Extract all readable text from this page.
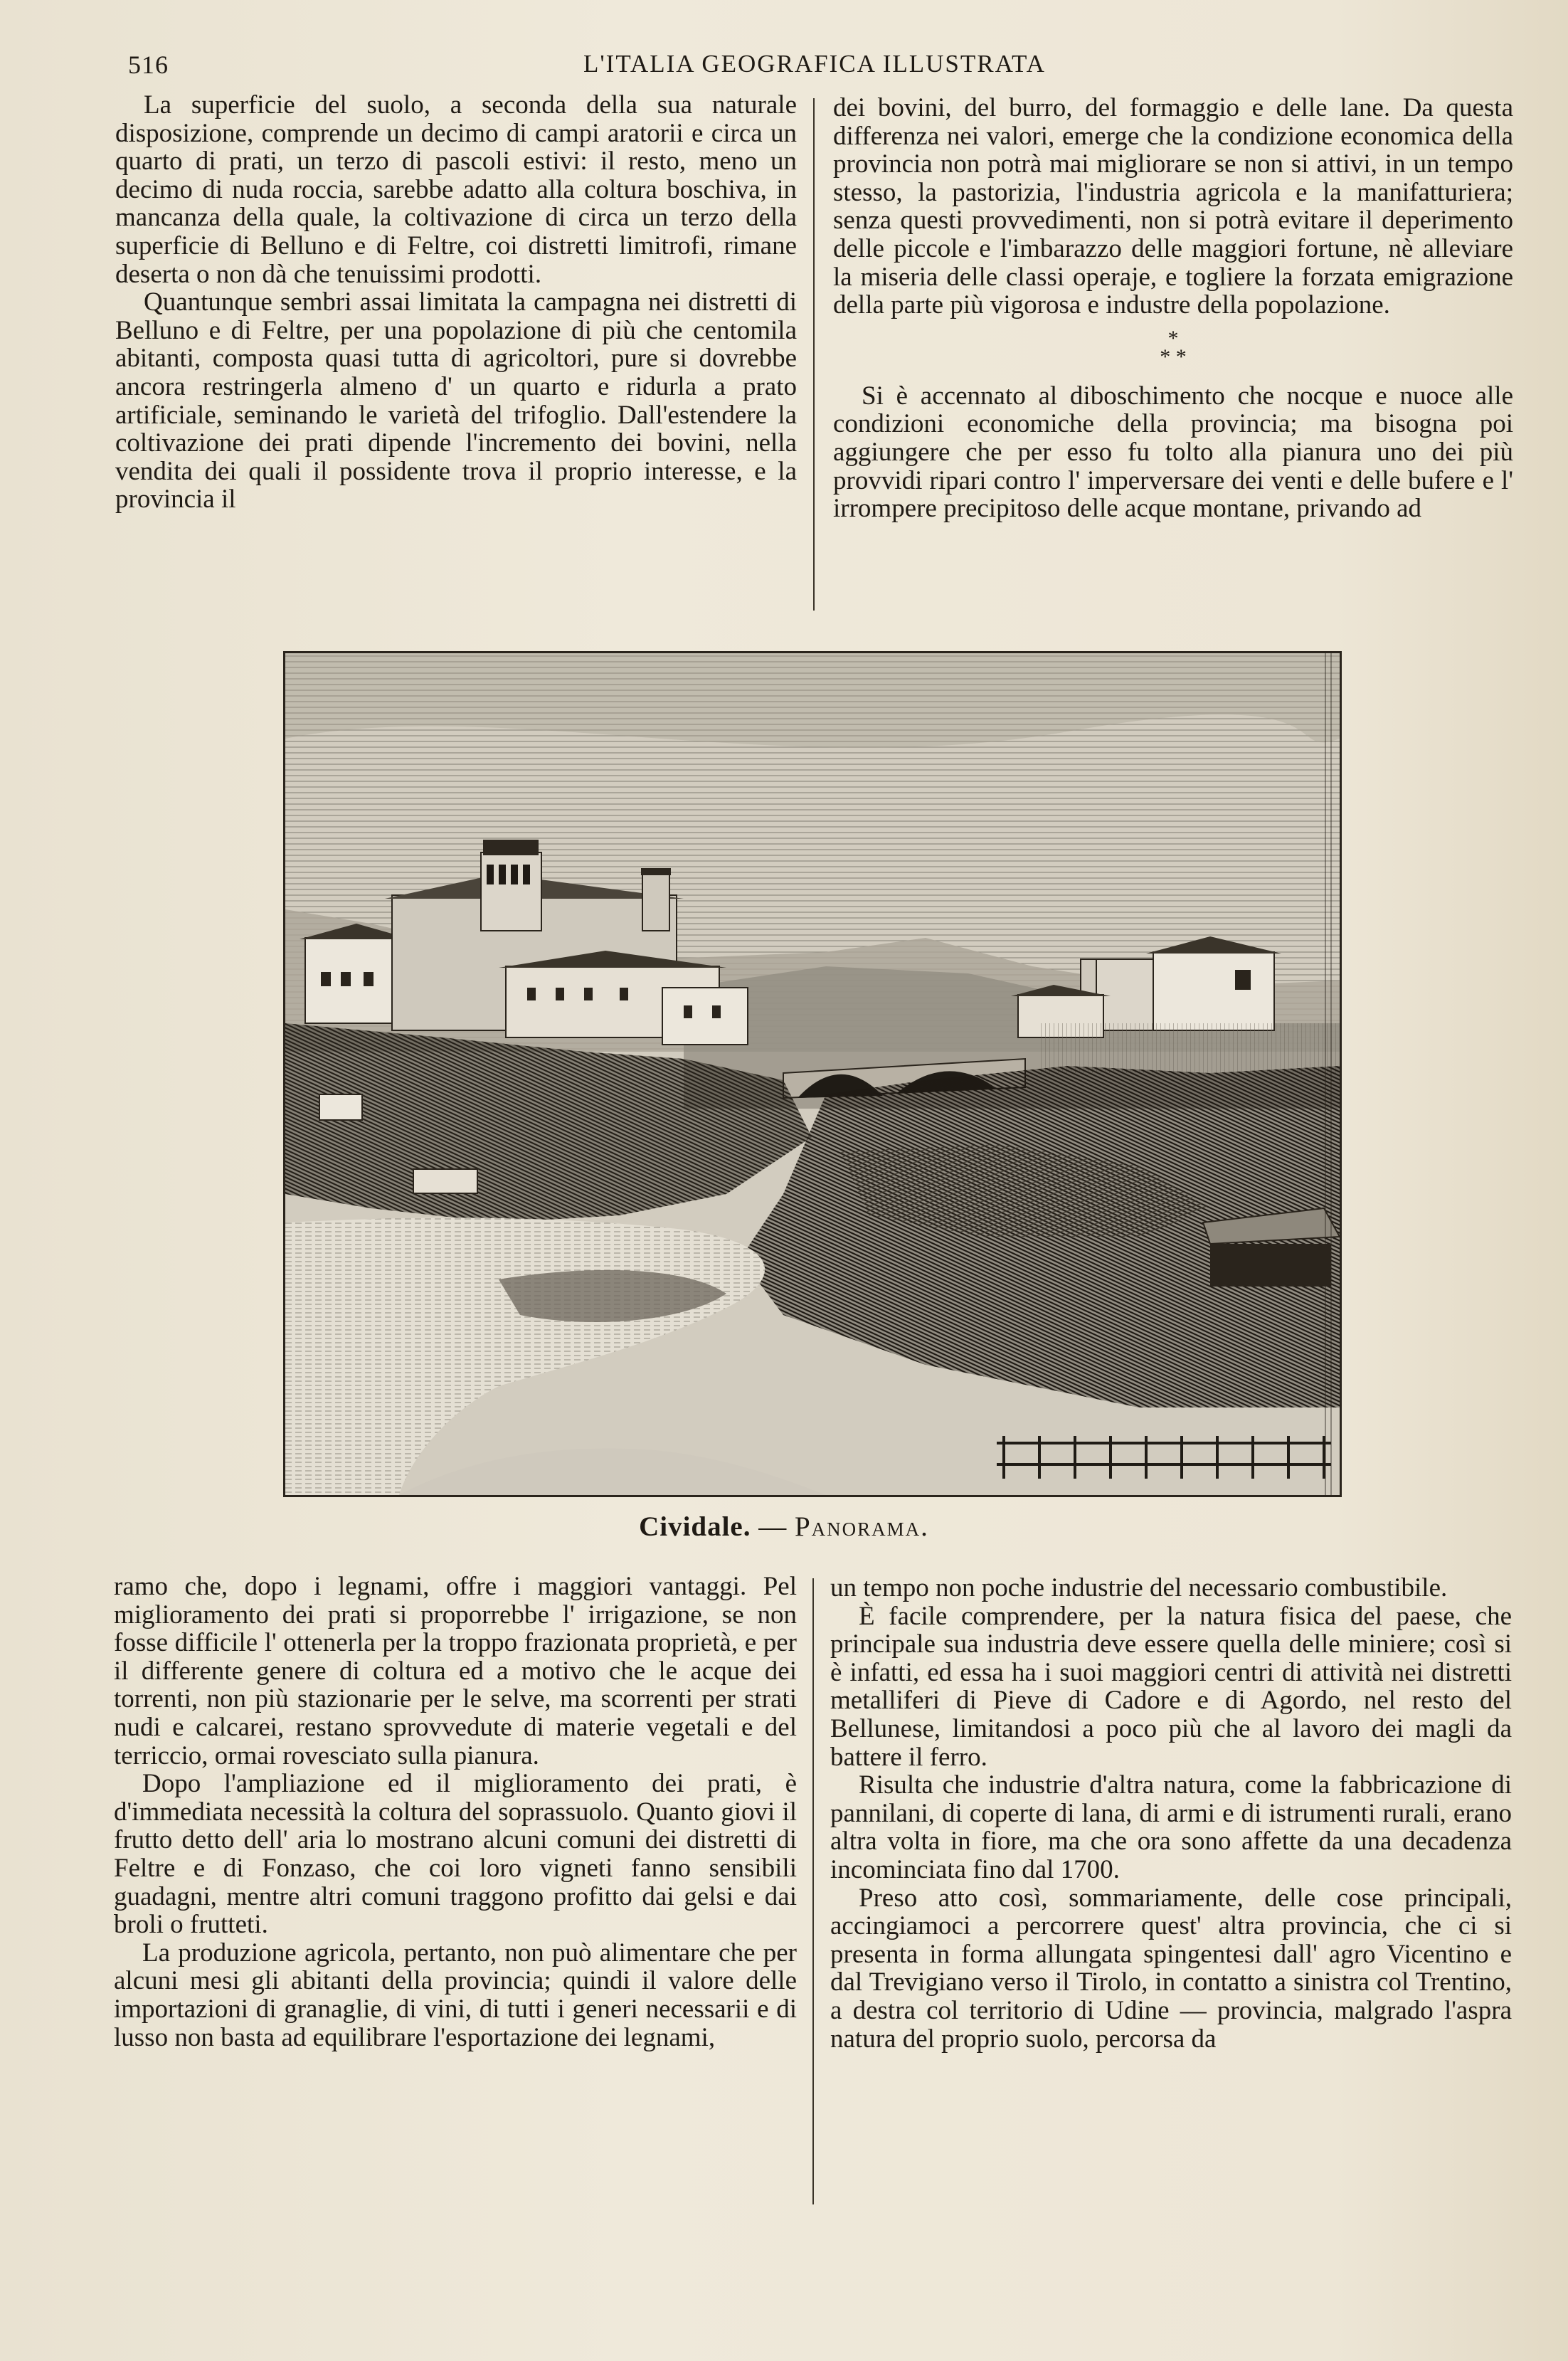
516	L'ITALIA GEOGRAFICA ILLUSTRATA

La superficie del suolo, a seconda della sua naturale disposizione, comprende un decimo di campi aratorii e circa un quarto di prati, un terzo di pascoli estivi: il resto, meno un decimo di nuda roccia, sarebbe adatto alla coltura boschiva, in mancanza della quale, la coltivazione di circa un terzo della superficie di Belluno e di Feltre, coi distretti limitrofi, rimane deserta o non dà che tenuissimi prodotti.

Quantunque sembri assai limitata la campagna nei distretti di Belluno e di Feltre, per una popolazione di più che centomila abitanti, composta quasi tutta di agricoltori, pure si dovrebbe ancora restringerla almeno d' un quarto e ridurla a prato artificiale, seminando le varietà del trifoglio. Dall'estendere la coltivazione dei prati dipende l'incremento dei bovini, nella vendita dei quali il possidente trova il proprio interesse, e la provincia il

dei bovini, del burro, del formaggio e delle lane. Da questa differenza nei valori, emerge che la condizione economica della provincia non potrà mai migliorare se non si attivi, in un tempo stesso, la pastorizia, l'industria agricola e la manifatturiera; senza questi provvedimenti, non si potrà evitare il deperimento delle piccole e l'imbarazzo delle maggiori fortune, nè alleviare la miseria delle classi operaje, e togliere la forzata emigrazione della parte più vigorosa e industre della popolazione.

*
* *

Si è accennato al diboschimento che nocque e nuoce alle condizioni economiche della provincia; ma bisogna poi aggiungere che per esso fu tolto alla pianura uno dei più provvidi ripari contro l' imperversare dei venti e delle bufere e l' irrompere precipitoso delle acque montane, privando ad

Cividale. — Panorama.

ramo che, dopo i legnami, offre i maggiori vantaggi. Pel miglioramento dei prati si proporrebbe l' irrigazione, se non fosse difficile l' ottenerla per la troppo frazionata proprietà, e per il differente genere di coltura ed a motivo che le acque dei torrenti, non più stazionarie per le selve, ma scorrenti per strati nudi e calcarei, restano sprovvedute di materie vegetali e del terriccio, ormai rovesciato sulla pianura.

Dopo l'ampliazione ed il miglioramento dei prati, è d'immediata necessità la coltura del soprassuolo. Quanto giovi il frutto detto dell' aria lo mostrano alcuni comuni dei distretti di Feltre e di Fonzaso, che coi loro vigneti fanno sensibili guadagni, mentre altri comuni traggono profitto dai gelsi e dai broli o frutteti.

La produzione agricola, pertanto, non può alimentare che per alcuni mesi gli abitanti della provincia; quindi il valore delle importazioni di granaglie, di vini, di tutti i generi necessarii e di lusso non basta ad equilibrare l'esportazione dei legnami,

un tempo non poche industrie del necessario combustibile.

È facile comprendere, per la natura fisica del paese, che principale sua industria deve essere quella delle miniere; così si è infatti, ed essa ha i suoi maggiori centri di attività nei distretti metalliferi di Pieve di Cadore e di Agordo, nel resto del Bellunese, limitandosi a poco più che al lavoro dei magli da battere il ferro.

Risulta che industrie d'altra natura, come la fabbricazione di pannilani, di coperte di lana, di armi e di istrumenti rurali, erano altra volta in fiore, ma che ora sono affette da una decadenza incominciata fino dal 1700.

Preso atto così, sommariamente, delle cose principali, accingiamoci a percorrere quest' altra provincia, che ci si presenta in forma allungata spingentesi dall' agro Vicentino e dal Trevigiano verso il Tirolo, in contatto a sinistra col Trentino, a destra col territorio di Udine — provincia, malgrado l'aspra natura del proprio suolo, percorsa da
